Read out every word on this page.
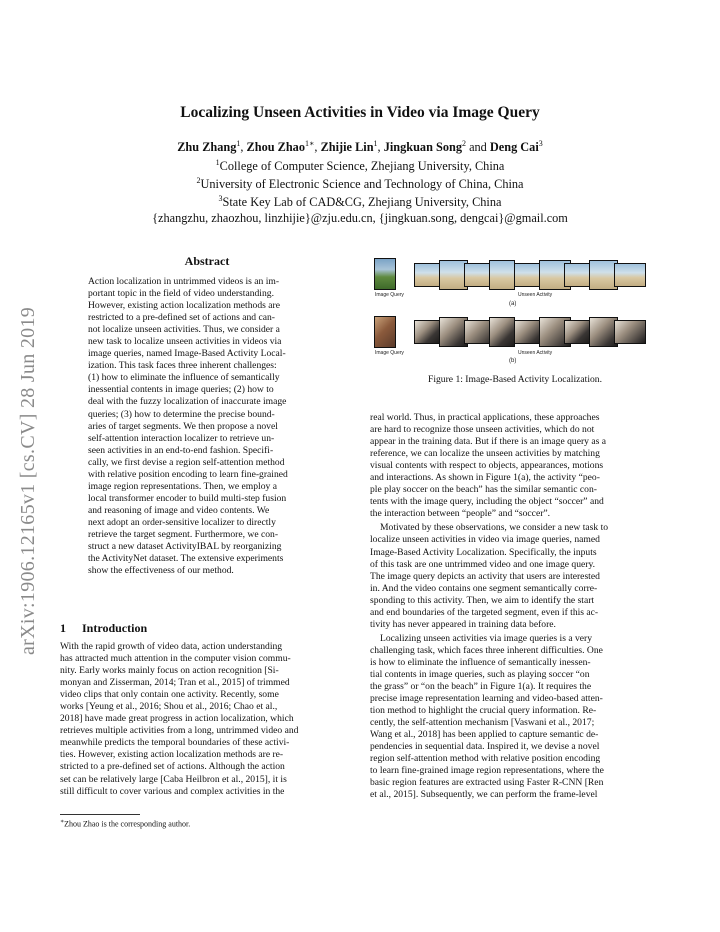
Localizing Unseen Activities in Video via Image Query
Zhu Zhang$^1$, Zhou Zhao$^{1∗}$, Zhijie Lin$^1$, Jingkuan Song$^2$ and Deng Cai$^3$
$^1$College of Computer Science, Zhejiang University, China
$^2$University of Electronic Science and Technology of China, China
$^3$State Key Lab of CAD&CG, Zhejiang University, China
{zhangzhu, zhaozhou, linzhijie}@zju.edu.cn, {jingkuan.song, dengcai}@gmail.com
arXiv:1906.12165v1 [cs.CV] 28 Jun 2019
Abstract
Action localization in untrimmed videos is an im-
portant topic in the field of video understanding.
However, existing action localization methods are
restricted to a pre-defined set of actions and can-
not localize unseen activities. Thus, we consider a
new task to localize unseen activities in videos via
image queries, named Image-Based Activity Local-
ization. This task faces three inherent challenges:
(1) how to eliminate the influence of semantically
inessential contents in image queries; (2) how to
deal with the fuzzy localization of inaccurate image
queries; (3) how to determine the precise bound-
aries of target segments. We then propose a novel
self-attention interaction localizer to retrieve un-
seen activities in an end-to-end fashion. Specifi-
cally, we first devise a region self-attention method
with relative position encoding to learn fine-grained
image region representations. Then, we employ a
local transformer encoder to build multi-step fusion
and reasoning of image and video contents. We
next adopt an order-sensitive localizer to directly
retrieve the target segment. Furthermore, we con-
struct a new dataset ActivityIBAL by reorganizing
the ActivityNet dataset. The extensive experiments
show the effectiveness of our method.
1 Introduction
With the rapid growth of video data, action understanding
has attracted much attention in the computer vision commu-
nity. Early works mainly focus on action recognition [Si-
monyan and Zisserman, 2014; Tran et al., 2015] of trimmed
video clips that only contain one activity. Recently, some
works [Yeung et al., 2016; Shou et al., 2016; Chao et al.,
2018] have made great progress in action localization, which
retrieves multiple activities from a long, untrimmed video and
meanwhile predicts the temporal boundaries of these activi-
ties. However, existing action localization methods are re-
stricted to a pre-defined set of actions. Although the action
set can be relatively large [Caba Heilbron et al., 2015], it is
still difficult to cover various and complex activities in the
∗Zhou Zhao is the corresponding author.
Image Query	Unseen Activity
(a)
Image Query	Unseen Activity
(b)
Figure 1: Image-Based Activity Localization.
real world. Thus, in practical applications, these approaches
are hard to recognize those unseen activities, which do not
appear in the training data. But if there is an image query as a
reference, we can localize the unseen activities by matching
visual contents with respect to objects, appearances, motions
and interactions. As shown in Figure 1(a), the activity “peo-
ple play soccer on the beach” has the similar semantic con-
tents with the image query, including the object “soccer” and
the interaction between “people” and “soccer”.
Motivated by these observations, we consider a new task to
localize unseen activities in video via image queries, named
Image-Based Activity Localization. Specifically, the inputs
of this task are one untrimmed video and one image query.
The image query depicts an activity that users are interested
in. And the video contains one segment semantically corre-
sponding to this activity. Then, we aim to identify the start
and end boundaries of the targeted segment, even if this ac-
tivity has never appeared in training data before.
Localizing unseen activities via image queries is a very
challenging task, which faces three inherent difficulties. One
is how to eliminate the influence of semantically inessen-
tial contents in image queries, such as playing soccer “on
the grass” or “on the beach” in Figure 1(a). It requires the
precise image representation learning and video-based atten-
tion method to highlight the crucial query information. Re-
cently, the self-attention mechanism [Vaswani et al., 2017;
Wang et al., 2018] has been applied to capture semantic de-
pendencies in sequential data. Inspired it, we devise a novel
region self-attention method with relative position encoding
to learn fine-grained image region representations, where the
basic region features are extracted using Faster R-CNN [Ren
et al., 2015]. Subsequently, we can perform the frame-level
